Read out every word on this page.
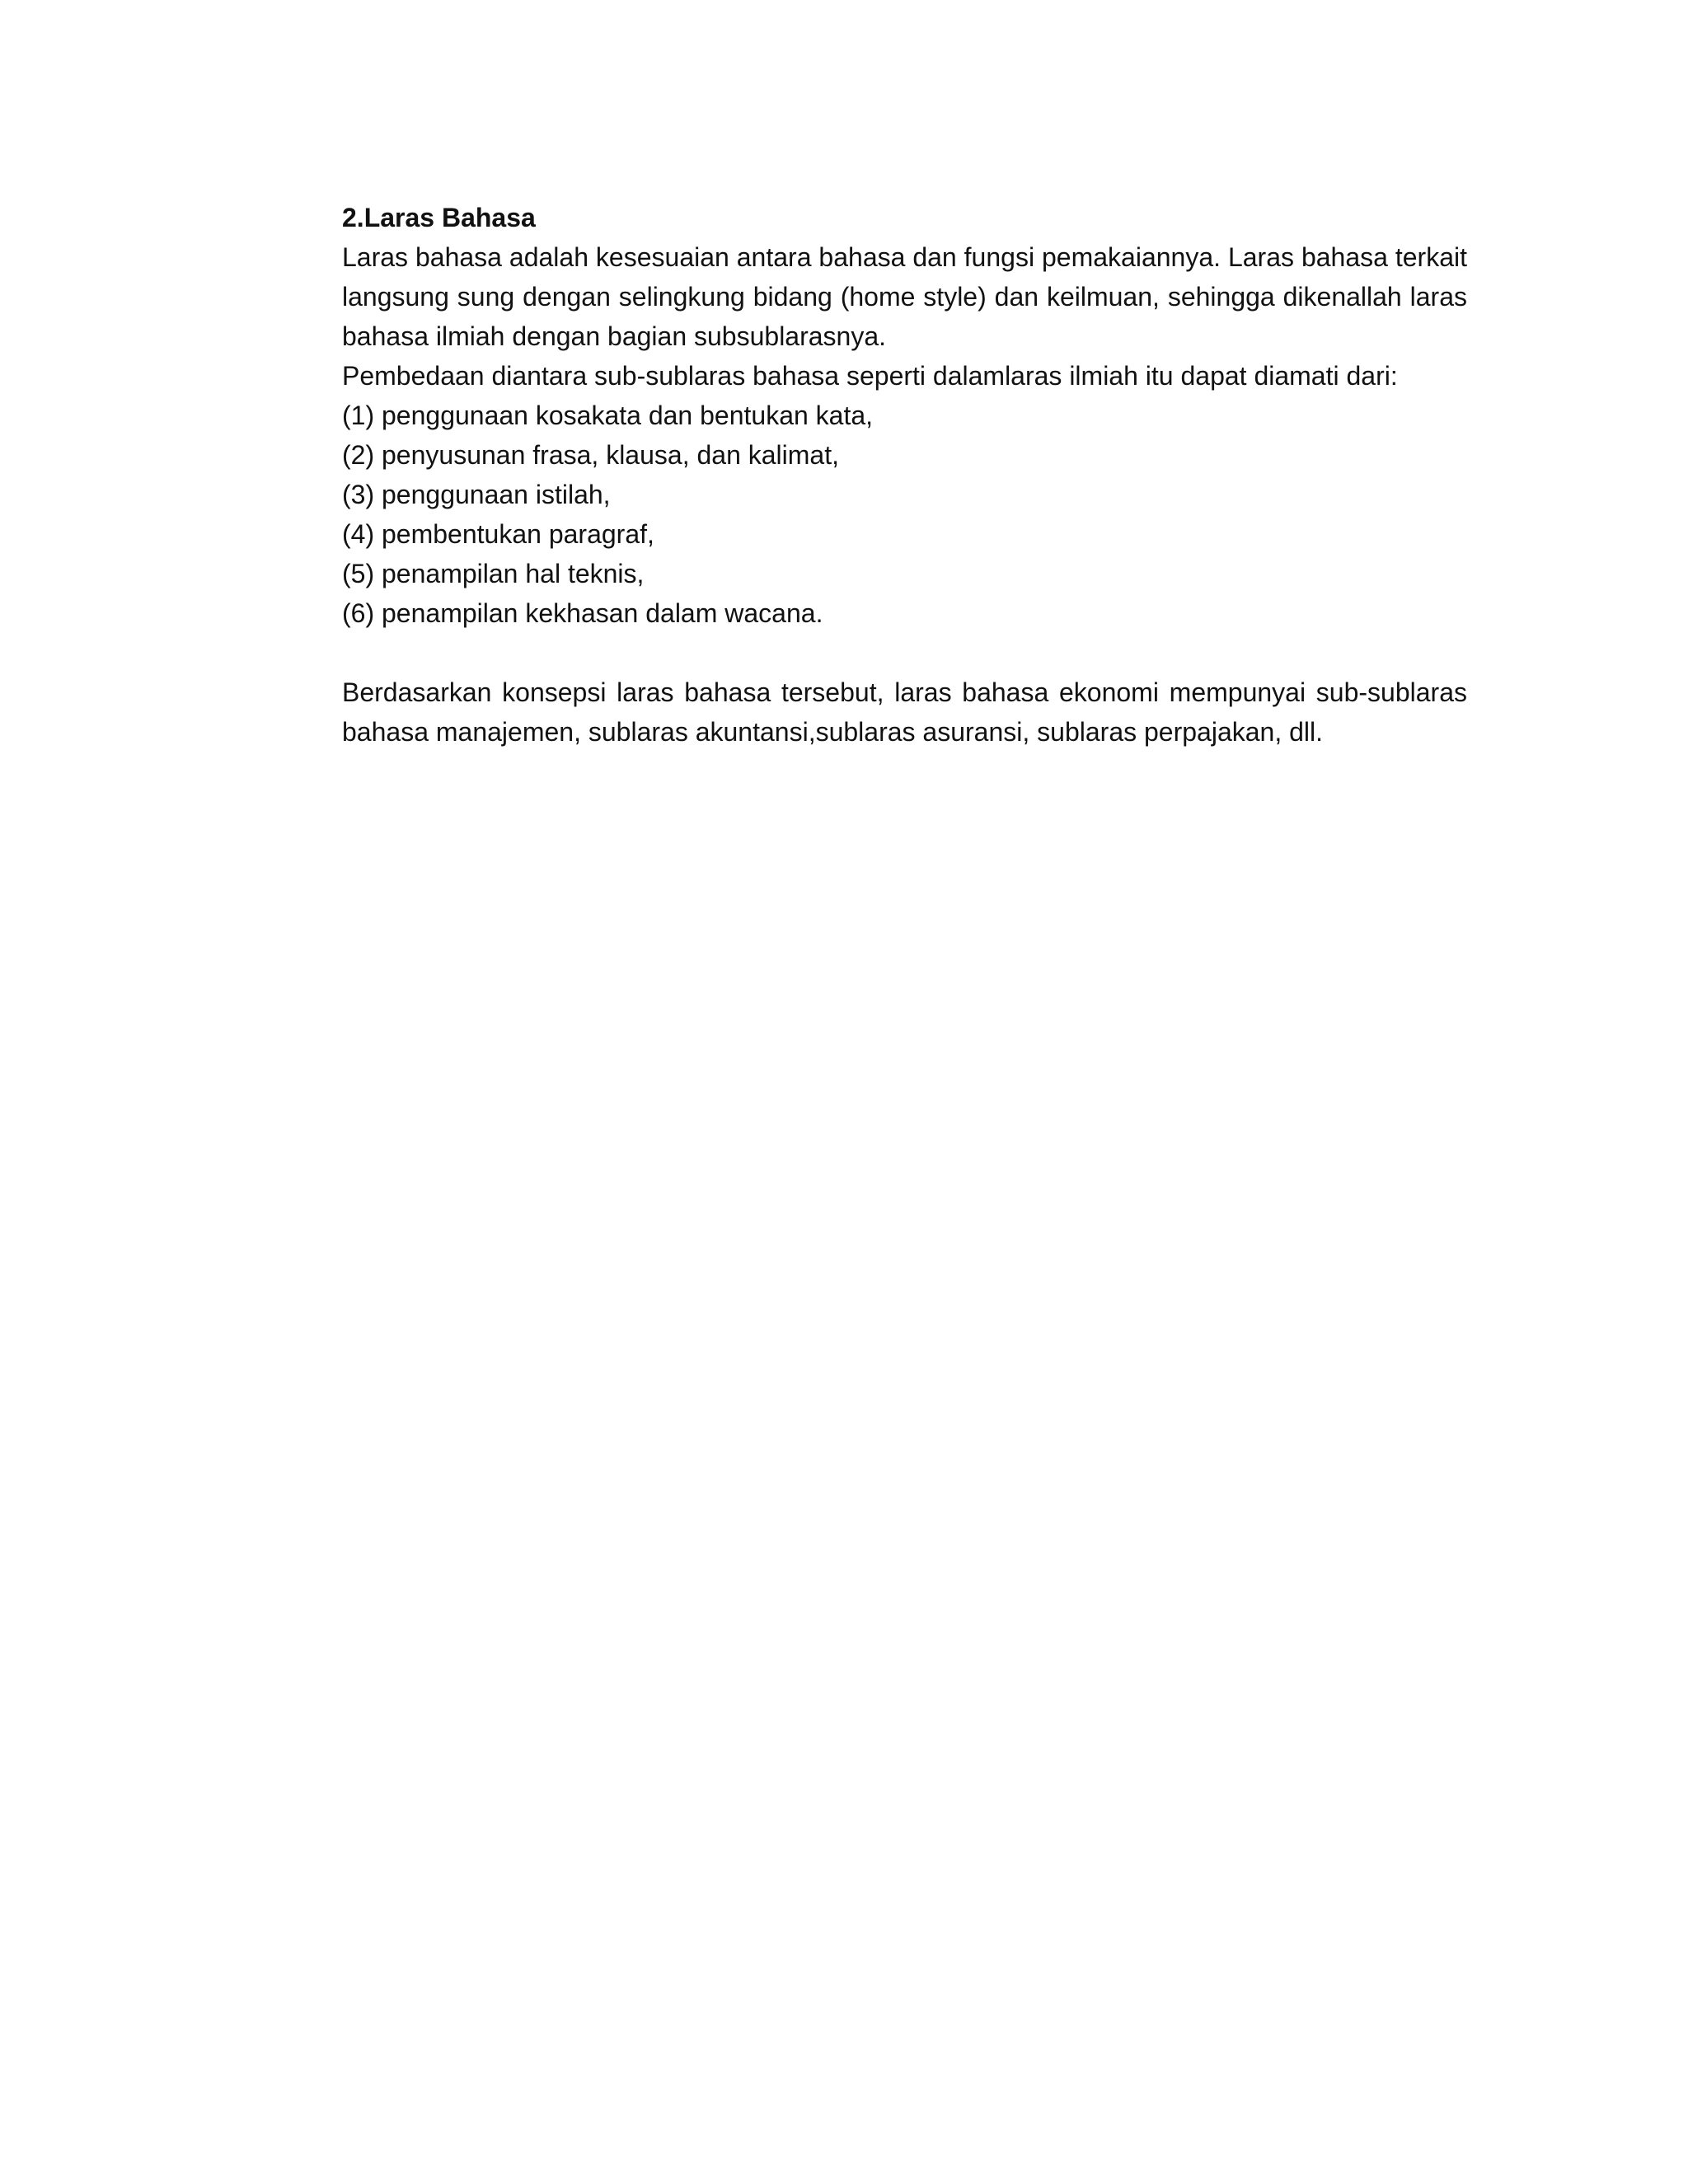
2.Laras Bahasa

Laras bahasa adalah kesesuaian antara bahasa dan fungsi pemakaiannya. Laras bahasa terkait langsung sung dengan selingkung bidang (home style) dan keilmuan, sehingga dikenallah laras bahasa ilmiah dengan bagian subsublarasnya.

Pembedaan diantara sub-sublaras bahasa seperti dalamlaras ilmiah itu dapat diamati dari:

(1) penggunaan kosakata dan bentukan kata,
(2) penyusunan frasa, klausa, dan kalimat,
(3) penggunaan istilah,
(4) pembentukan paragraf,
(5) penampilan hal teknis,
(6) penampilan kekhasan dalam wacana.

Berdasarkan konsepsi laras bahasa tersebut, laras bahasa ekonomi mempunyai sub-sublaras bahasa manajemen, sublaras akuntansi,sublaras asuransi, sublaras perpajakan, dll.
